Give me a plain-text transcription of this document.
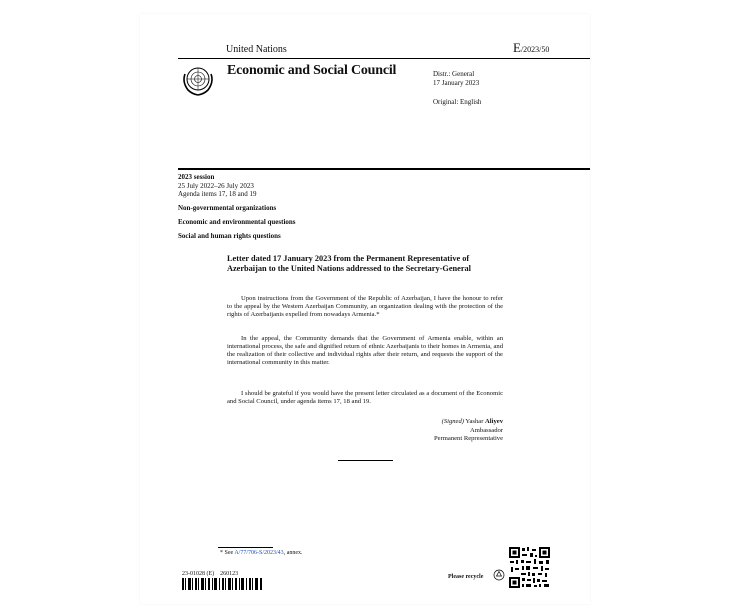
United Nations	E/2023/50
Economic and Social Council	Distr.: General
17 January 2023
Original: English
2023 session
25 July 2022–26 July 2023
Agenda items 17, 18 and 19
Non-governmental organizations
Economic and environmental questions
Social and human rights questions
Letter dated 17 January 2023 from the Permanent Representative of Azerbaijan to the United Nations addressed to the Secretary-General
Upon instructions from the Government of the Republic of Azerbaijan, I have the honour to refer to the appeal by the Western Azerbaijan Community, an organization dealing with the protection of the rights of Azerbaijanis expelled from nowadays Armenia.*
In the appeal, the Community demands that the Government of Armenia enable, within an international process, the safe and dignified return of ethnic Azerbaijanis to their homes in Armenia, and the realization of their collective and individual rights after their return, and requests the support of the international community in this matter.
I should be grateful if you would have the present letter circulated as a document of the Economic and Social Council, under agenda items 17, 18 and 19.
(Signed) Yashar Aliyev
Ambassador
Permanent Representative
* See A/77/706-S/2023/43, annex.
23-01028 (E)    260123	Please recycle
